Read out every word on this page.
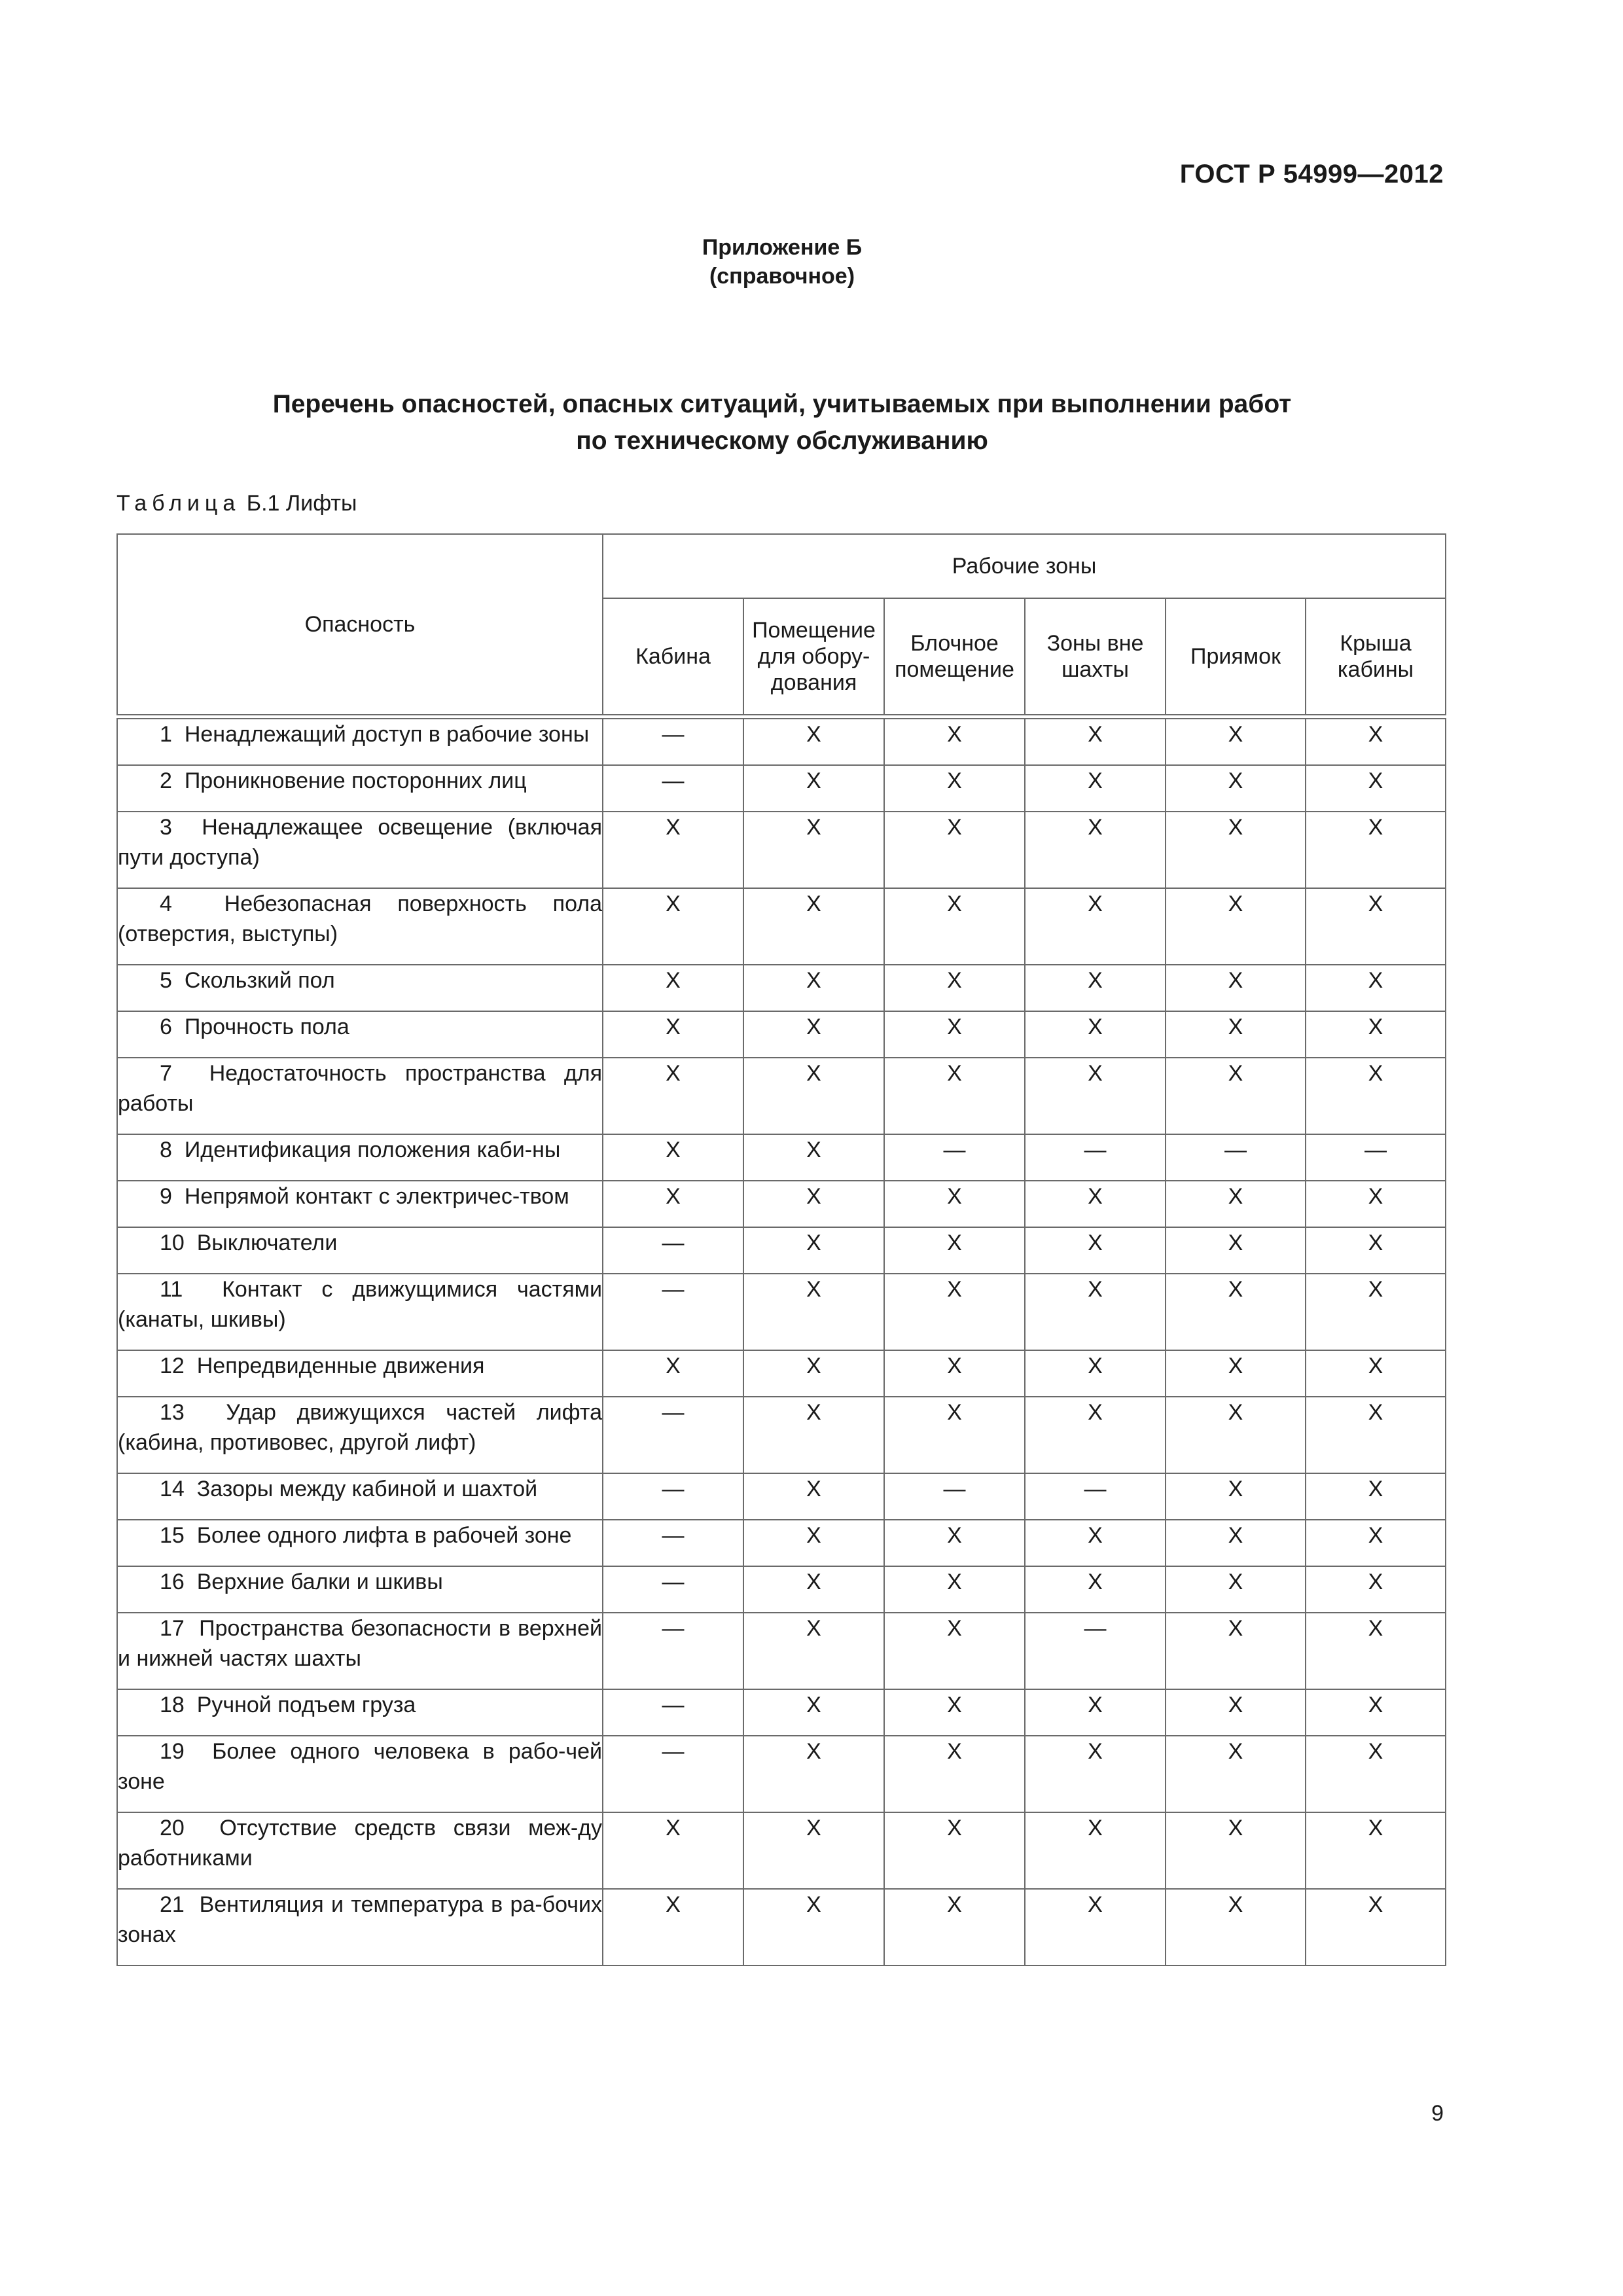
ГОСТ Р 54999—2012
Приложение Б
(справочное)
Перечень опасностей, опасных ситуаций, учитываемых при выполнении работ
по техническому обслуживанию
Таблица Б.1 Лифты
Опасность	Рабочие зоны					
	Кабина	Помещение для обору-дования	Блочное помещение	Зоны вне шахты	Приямок	Крыша кабины

1 Ненадлежащий доступ в рабочие зоны	—	X	X	X	X	X
2 Проникновение посторонних лиц	—	X	X	X	X	X
3 Ненадлежащее освещение (включая пути доступа)	X	X	X	X	X	X
4 Небезопасная поверхность пола (отверстия, выступы)	X	X	X	X	X	X
5 Скользкий пол	X	X	X	X	X	X
6 Прочность пола	X	X	X	X	X	X
7 Недостаточность пространства для работы	X	X	X	X	X	X
8 Идентификация положения каби-ны	X	X	—	—	—	—
9 Непрямой контакт с электричес-твом	X	X	X	X	X	X
10 Выключатели	—	X	X	X	X	X
11 Контакт с движущимися частями (канаты, шкивы)	—	X	X	X	X	X
12 Непредвиденные движения	X	X	X	X	X	X
13 Удар движущихся частей лифта (кабина, противовес, другой лифт)	—	X	X	X	X	X
14 Зазоры между кабиной и шахтой	—	X	—	—	X	X
15 Более одного лифта в рабочей зоне	—	X	X	X	X	X
16 Верхние балки и шкивы	—	X	X	X	X	X
17 Пространства безопасности в верхней и нижней частях шахты	—	X	X	—	X	X
18 Ручной подъем груза	—	X	X	X	X	X
19 Более одного человека в рабо-чей зоне	—	X	X	X	X	X
20 Отсутствие средств связи меж-ду работниками	X	X	X	X	X	X
21 Вентиляция и температура в ра-бочих зонах	X	X	X	X	X	X
9
